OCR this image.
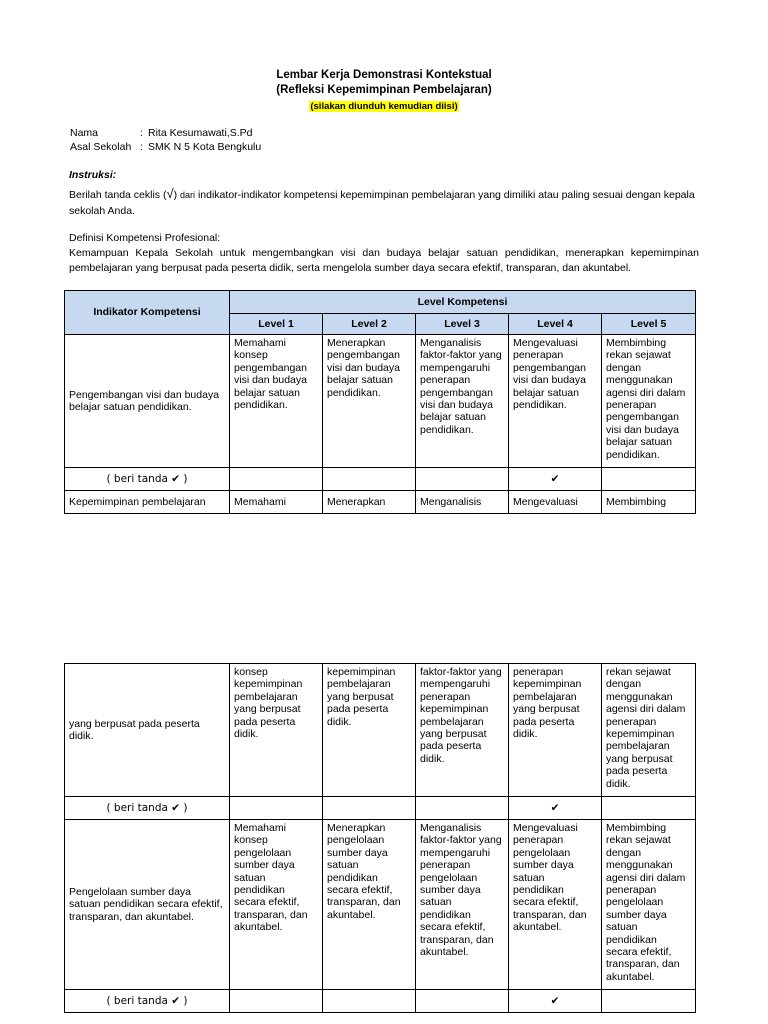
Lembar Kerja Demonstrasi Kontekstual
(Refleksi Kepemimpinan Pembelajaran)
(silakan diunduh kemudian diisi)
Nama	: Rita Kesumawati,S.Pd
Asal Sekolah : SMK N 5 Kota Bengkulu
Instruksi:
Berilah tanda ceklis (√) dari indikator-indikator kompetensi kepemimpinan pembelajaran yang dimiliki atau paling sesuai dengan kepala sekolah Anda.
Definisi Kompetensi Profesional:
Kemampuan Kepala Sekolah untuk mengembangkan visi dan budaya belajar satuan pendidikan, menerapkan kepemimpinan pembelajaran yang berpusat pada peserta didik, serta mengelola sumber daya secara efektif, transparan, dan akuntabel.
Indikator Kompetensi	Level Kompetensi				
	Level 1	Level 2	Level 3	Level 4	Level 5
Pengembangan visi dan budaya belajar satuan pendidikan.	Memahami konsep pengembangan visi dan budaya belajar satuan pendidikan.	Menerapkan pengembangan visi dan budaya belajar satuan pendidikan.	Menganalisis faktor-faktor yang mempengaruhi penerapan pengembangan visi dan budaya belajar satuan pendidikan.	Mengevaluasi penerapan pengembangan visi dan budaya belajar satuan pendidikan.	Membimbing rekan sejawat dengan menggunakan agensi diri dalam penerapan pengembangan visi dan budaya belajar satuan pendidikan.
( beri tanda ✔ )				✔	
Kepemimpinan pembelajaran	Memahami	Menerapkan	Menganalisis	Mengevaluasi	Membimbing
yang berpusat pada peserta didik.	konsep kepemimpinan pembelajaran yang berpusat pada peserta didik.	kepemimpinan pembelajaran yang berpusat pada peserta didik.	faktor-faktor yang mempengaruhi penerapan kepemimpinan pembelajaran yang berpusat pada peserta didik.	penerapan kepemimpinan pembelajaran yang berpusat pada peserta didik.	rekan sejawat dengan menggunakan agensi diri dalam penerapan kepemimpinan pembelajaran yang berpusat pada peserta didik.
( beri tanda ✔ )				✔	
Pengelolaan sumber daya satuan pendidikan secara efektif, transparan, dan akuntabel.	Memahami konsep pengelolaan sumber daya satuan pendidikan secara efektif, transparan, dan akuntabel.	Menerapkan pengelolaan sumber daya satuan pendidikan secara efektif, transparan, dan akuntabel.	Menganalisis faktor-faktor yang mempengaruhi penerapan pengelolaan sumber daya satuan pendidikan secara efektif, transparan, dan akuntabel.	Mengevaluasi penerapan pengelolaan sumber daya satuan pendidikan secara efektif, transparan, dan akuntabel.	Membimbing rekan sejawat dengan menggunakan agensi diri dalam penerapan pengelolaan sumber daya satuan pendidikan secara efektif, transparan, dan akuntabel.
( beri tanda ✔ )				✔	
